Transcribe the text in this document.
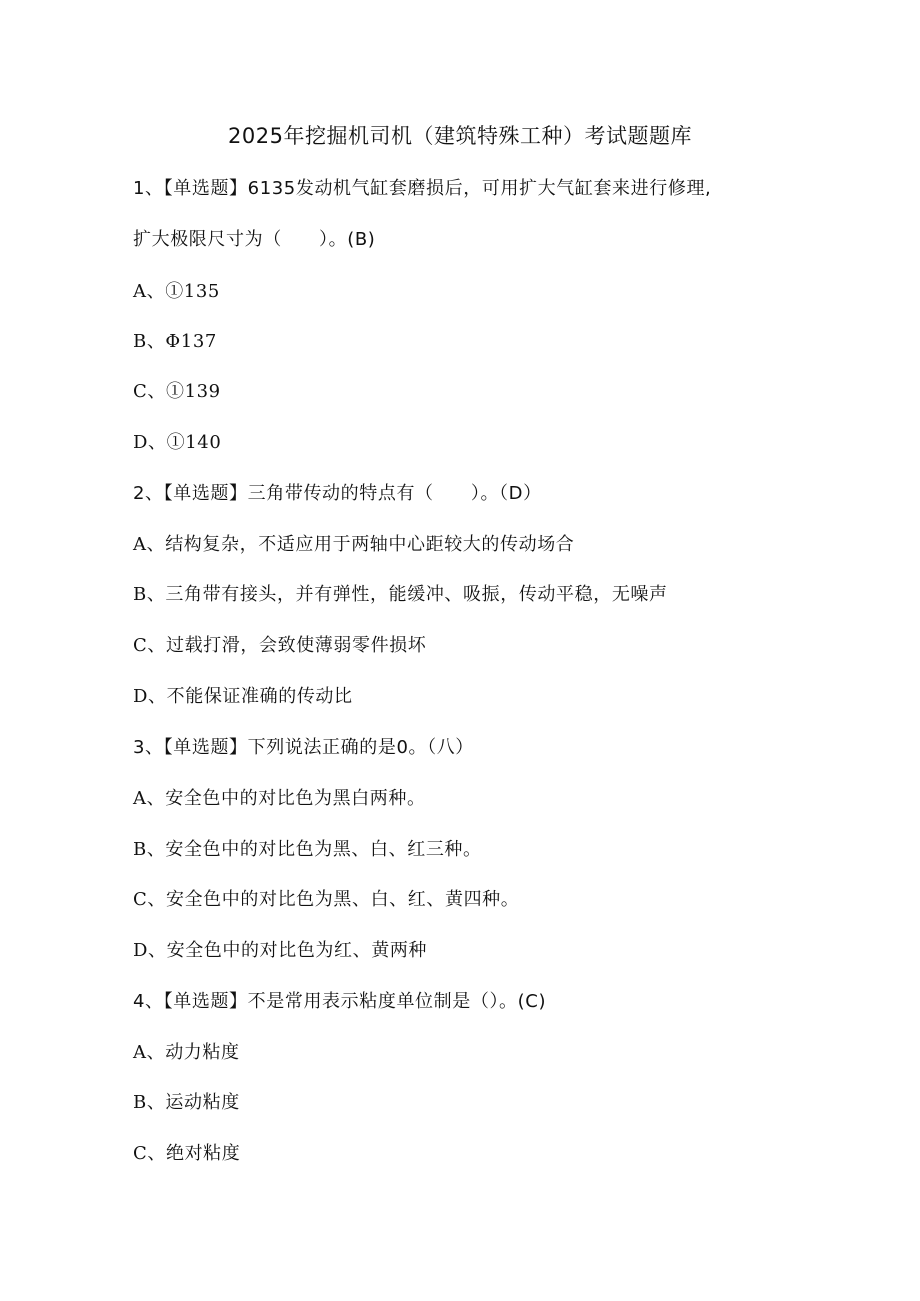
2025年挖掘机司机（建筑特殊工种）考试题题库
1、【单选题】6135发动机气缸套磨损后，可用扩大气缸套来进行修理,
扩大极限尺寸为（　　）。(B)
A、①135
B、Φ137
C、①139
D、①140
2、【单选题】三角带传动的特点有（　　）。（D）
A、结构复杂，不适应用于两轴中心距较大的传动场合
B、三角带有接头，并有弹性，能缓冲、吸振，传动平稳，无噪声
C、过载打滑，会致使薄弱零件损坏
D、不能保证准确的传动比
3、【单选题】下列说法正确的是0。（八）
A、安全色中的对比色为黑白两种。
B、安全色中的对比色为黑、白、红三种。
C、安全色中的对比色为黑、白、红、黄四种。
D、安全色中的对比色为红、黄两种
4、【单选题】不是常用表示粘度单位制是（）。(C)
A、动力粘度
B、运动粘度
C、绝对粘度
